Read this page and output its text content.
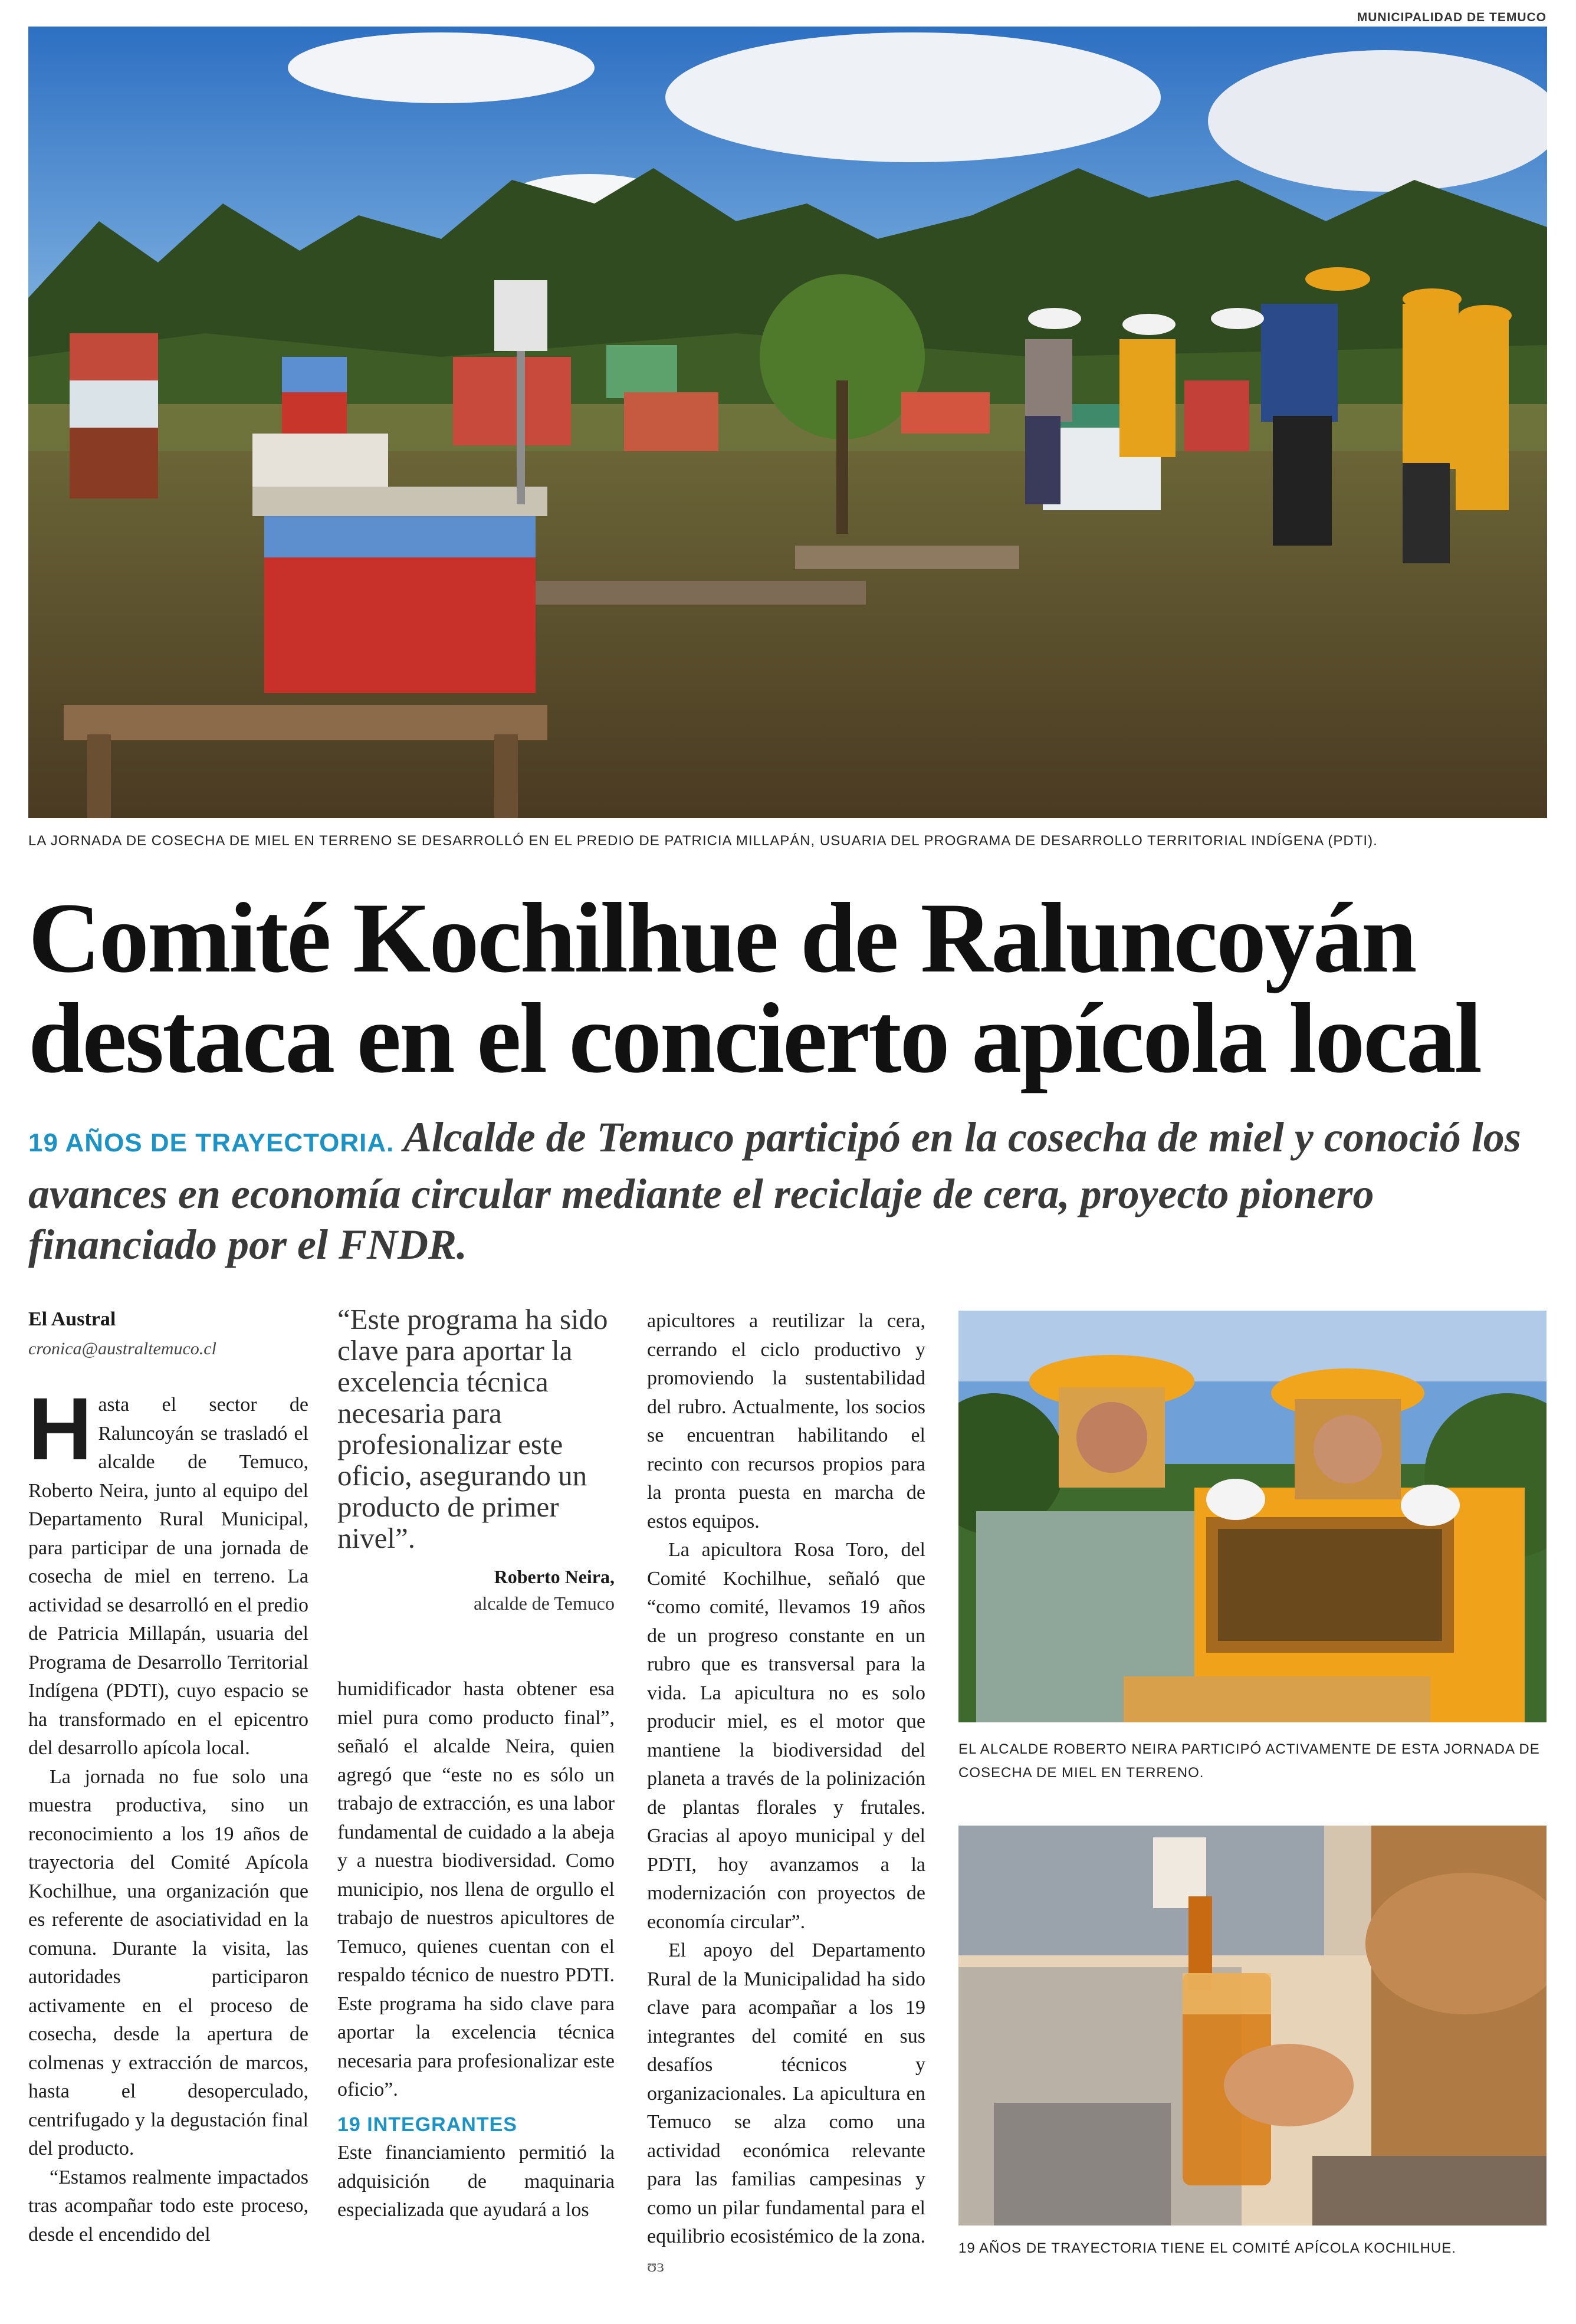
MUNICIPALIDAD DE TEMUCO
LA JORNADA DE COSECHA DE MIEL EN TERRENO SE DESARROLLÓ EN EL PREDIO DE PATRICIA MILLAPÁN, USUARIA DEL PROGRAMA DE DESARROLLO TERRITORIAL INDÍGENA (PDTI).
Comité Kochilhue de Raluncoyán
destaca en el concierto apícola local
19 AÑOS DE TRAYECTORIA. Alcalde de Temuco participó en la cosecha de miel y conoció los avances en economía circular mediante el reciclaje de cera, proyecto pionero financiado por el FNDR.
El Austral
cronica@australtemuco.cl

Hasta el sector de Raluncoyán se trasladó el alcalde de Temuco, Roberto Neira, junto al equipo del Departamento Rural Municipal, para participar de una jornada de cosecha de miel en terreno. La actividad se desarrolló en el predio de Patricia Millapán, usuaria del Programa de Desarrollo Territorial Indígena (PDTI), cuyo espacio se ha transformado en el epicentro del desarrollo apícola local.

La jornada no fue solo una muestra productiva, sino un reconocimiento a los 19 años de trayectoria del Comité Apícola Kochilhue, una organización que es referente de asociatividad en la comuna. Durante la visita, las autoridades participaron activamente en el proceso de cosecha, desde la apertura de colmenas y extracción de marcos, hasta el desoperculado, centrifugado y la degustación final del producto.

“Estamos realmente impactados tras acompañar todo este proceso, desde el encendido del

“Este programa ha sido clave para aportar la excelencia técnica necesaria para profesionalizar este oficio, asegurando un producto de primer nivel”.
Roberto Neira,
alcalde de Temuco

humidificador hasta obtener esa miel pura como producto final”, señaló el alcalde Neira, quien agregó que “este no es sólo un trabajo de extracción, es una labor fundamental de cuidado a la abeja y a nuestra biodiversidad. Como municipio, nos llena de orgullo el trabajo de nuestros apicultores de Temuco, quienes cuentan con el respaldo técnico de nuestro PDTI. Este programa ha sido clave para aportar la excelencia técnica necesaria para profesionalizar este oficio”.

19 INTEGRANTES

Este financiamiento permitió la adquisición de maquinaria especializada que ayudará a los

apicultores a reutilizar la cera, cerrando el ciclo productivo y promoviendo la sustentabilidad del rubro. Actualmente, los socios se encuentran habilitando el recinto con recursos propios para la pronta puesta en marcha de estos equipos.

La apicultora Rosa Toro, del Comité Kochilhue, señaló que “como comité, llevamos 19 años de un progreso constante en un rubro que es transversal para la vida. La apicultura no es solo producir miel, es el motor que mantiene la biodiversidad del planeta a través de la polinización de plantas florales y frutales. Gracias al apoyo municipal y del PDTI, hoy avanzamos a la modernización con proyectos de economía circular”.

El apoyo del Departamento Rural de la Municipalidad ha sido clave para acompañar a los 19 integrantes del comité en sus desafíos técnicos y organizacionales. La apicultura en Temuco se alza como una actividad económica relevante para las familias campesinas y como un pilar fundamental para el equilibrio ecosistémico de la zona. ʊɜ

EL ALCALDE ROBERTO NEIRA PARTICIPÓ ACTIVAMENTE DE ESTA JORNADA DE COSECHA DE MIEL EN TERRENO.
19 AÑOS DE TRAYECTORIA TIENE EL COMITÉ APÍCOLA KOCHILHUE.
